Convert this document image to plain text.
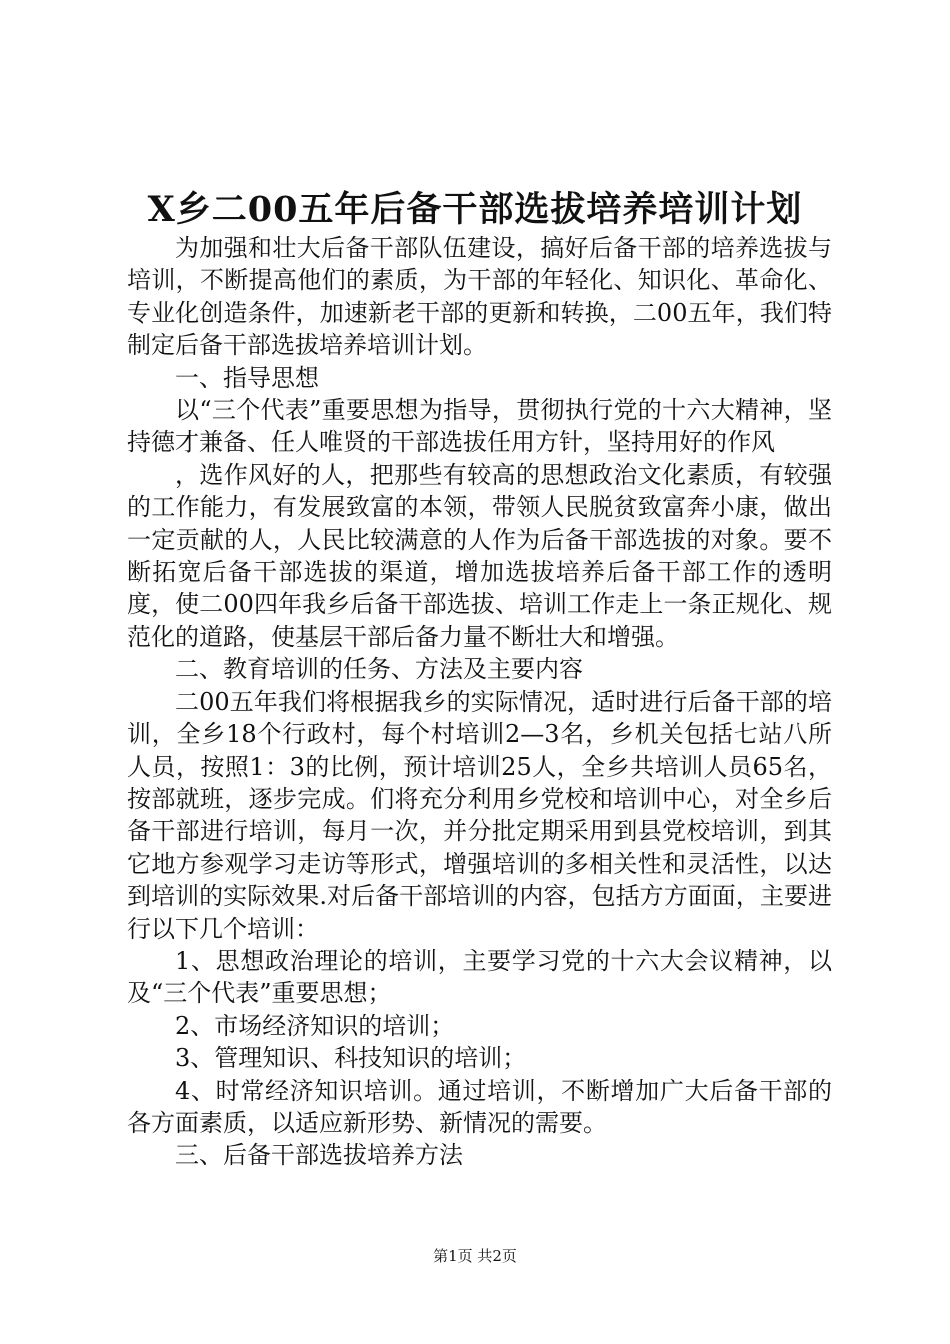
X乡二00五年后备干部选拔培养培训计划

为加强和壮大后备干部队伍建设，搞好后备干部的培养选拔与培训，不断提高他们的素质，为干部的年轻化、知识化、革命化、专业化创造条件，加速新老干部的更新和转换，二00五年，我们特制定后备干部选拔培养培训计划。

一、指导思想

以“三个代表”重要思想为指导，贯彻执行党的十六大精神，坚持德才兼备、任人唯贤的干部选拔任用方针，坚持用好的作风

，选作风好的人，把那些有较高的思想政治文化素质，有较强的工作能力，有发展致富的本领，带领人民脱贫致富奔小康，做出一定贡献的人，人民比较满意的人作为后备干部选拔的对象。要不断拓宽后备干部选拔的渠道，增加选拔培养后备干部工作的透明度，使二00四年我乡后备干部选拔、培训工作走上一条正规化、规范化的道路，使基层干部后备力量不断壮大和增强。

二、教育培训的任务、方法及主要内容

二00五年我们将根据我乡的实际情况，适时进行后备干部的培训，全乡18个行政村，每个村培训2—3名，乡机关包括七站八所人员，按照1：3的比例，预计培训25人，全乡共培训人员65名，按部就班，逐步完成。们将充分利用乡党校和培训中心，对全乡后备干部进行培训，每月一次，并分批定期采用到县党校培训，到其它地方参观学习走访等形式，增强培训的多相关性和灵活性，以达到培训的实际效果.对后备干部培训的内容，包括方方面面，主要进行以下几个培训：

1、思想政治理论的培训，主要学习党的十六大会议精神，以及“三个代表”重要思想；

2、市场经济知识的培训；

3、管理知识、科技知识的培训；

4、时常经济知识培训。通过培训，不断增加广大后备干部的各方面素质，以适应新形势、新情况的需要。

三、后备干部选拔培养方法

第1页 共2页
